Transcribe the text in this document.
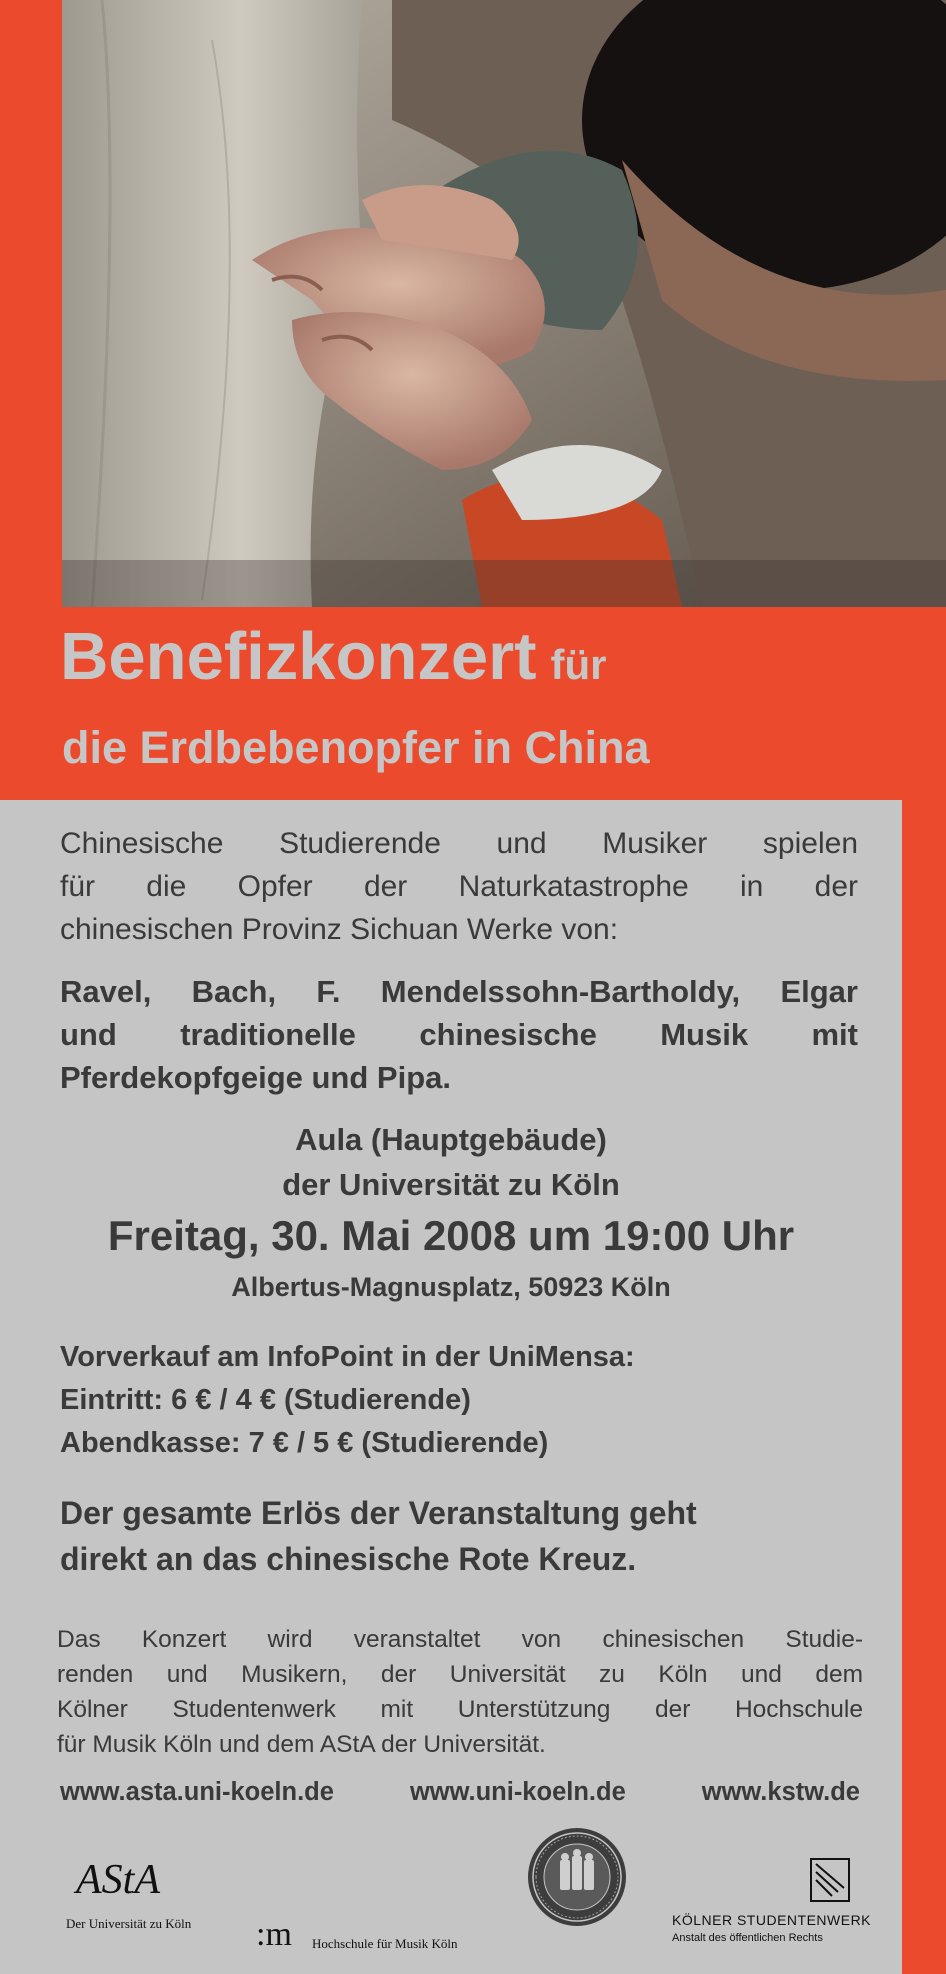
Benefizkonzert für
die Erdbebenopfer in China
Chinesische Studierende und Musiker spielen
für die Opfer der Naturkatastrophe in der
chinesischen Provinz Sichuan Werke von:
Ravel, Bach, F. Mendelssohn-Bartholdy, Elgar
und traditionelle chinesische Musik mit
Pferdekopfgeige und Pipa.
Aula (Hauptgebäude)
der Universität zu Köln
Freitag, 30. Mai 2008 um 19:00 Uhr
Albertus-Magnusplatz, 50923 Köln
Vorverkauf am InfoPoint in der UniMensa:
Eintritt: 6 € / 4 € (Studierende)
Abendkasse: 7 € / 5 € (Studierende)
Der gesamte Erlös der Veranstaltung geht
direkt an das chinesische Rote Kreuz.
Das Konzert wird veranstaltet von chinesischen Studie-
renden und Musikern, der Universität zu Köln und dem
Kölner Studentenwerk mit Unterstützung der Hochschule
für Musik Köln und dem AStA der Universität.
www.asta.uni-koeln.de	www.uni-koeln.de	www.kstw.de
AStA
Der Universität zu Köln :m Hochschule für Musik Köln
KÖLNER STUDENTENWERK
Anstalt des öffentlichen Rechts
